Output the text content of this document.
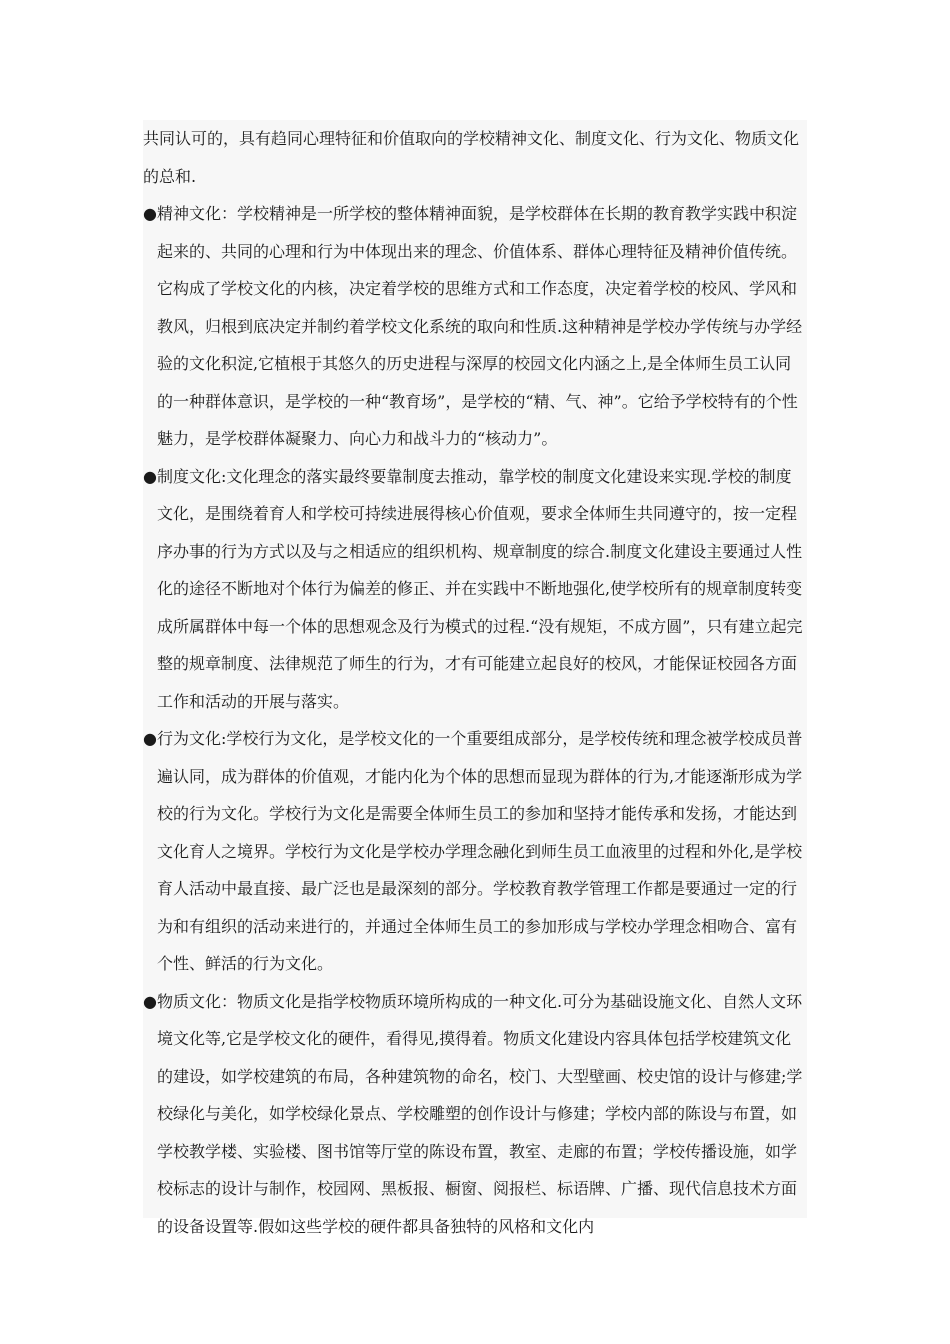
共同认可的，具有趋同心理特征和价值取向的学校精神文化、制度文化、行为文化、物质文化的总和.

● 精神文化：学校精神是一所学校的整体精神面貌，是学校群体在长期的教育教学实践中积淀起来的、共同的心理和行为中体现出来的理念、价值体系、群体心理特征及精神价值传统。它构成了学校文化的内核，决定着学校的思维方式和工作态度，决定着学校的校风、学风和教风，归根到底决定并制约着学校文化系统的取向和性质.这种精神是学校办学传统与办学经验的文化积淀,它植根于其悠久的历史进程与深厚的校园文化内涵之上,是全体师生员工认同的一种群体意识，是学校的一种“教育场”，是学校的“精、气、神”。它给予学校特有的个性魅力，是学校群体凝聚力、向心力和战斗力的“核动力”。

● 制度文化:文化理念的落实最终要靠制度去推动，靠学校的制度文化建设来实现.学校的制度文化，是围绕着育人和学校可持续进展得核心价值观，要求全体师生共同遵守的，按一定程序办事的行为方式以及与之相适应的组织机构、规章制度的综合.制度文化建设主要通过人性化的途径不断地对个体行为偏差的修正、并在实践中不断地强化,使学校所有的规章制度转变成所属群体中每一个体的思想观念及行为模式的过程.“没有规矩，不成方圆”，只有建立起完整的规章制度、法律规范了师生的行为，才有可能建立起良好的校风，才能保证校园各方面工作和活动的开展与落实。

● 行为文化:学校行为文化，是学校文化的一个重要组成部分，是学校传统和理念被学校成员普遍认同，成为群体的价值观，才能内化为个体的思想而显现为群体的行为,才能逐渐形成为学校的行为文化。学校行为文化是需要全体师生员工的参加和坚持才能传承和发扬，才能达到文化育人之境界。学校行为文化是学校办学理念融化到师生员工血液里的过程和外化,是学校育人活动中最直接、最广泛也是最深刻的部分。学校教育教学管理工作都是要通过一定的行为和有组织的活动来进行的，并通过全体师生员工的参加形成与学校办学理念相吻合、富有个性、鲜活的行为文化。

● 物质文化：物质文化是指学校物质环境所构成的一种文化.可分为基础设施文化、自然人文环境文化等,它是学校文化的硬件，看得见,摸得着。物质文化建设内容具体包括学校建筑文化的建设，如学校建筑的布局，各种建筑物的命名，校门、大型壁画、校史馆的设计与修建;学校绿化与美化，如学校绿化景点、学校雕塑的创作设计与修建；学校内部的陈设与布置，如学校教学楼、实验楼、图书馆等厅堂的陈设布置，教室、走廊的布置；学校传播设施，如学校标志的设计与制作，校园网、黑板报、橱窗、阅报栏、标语牌、广播、现代信息技术方面的设备设置等.假如这些学校的硬件都具备独特的风格和文化内
